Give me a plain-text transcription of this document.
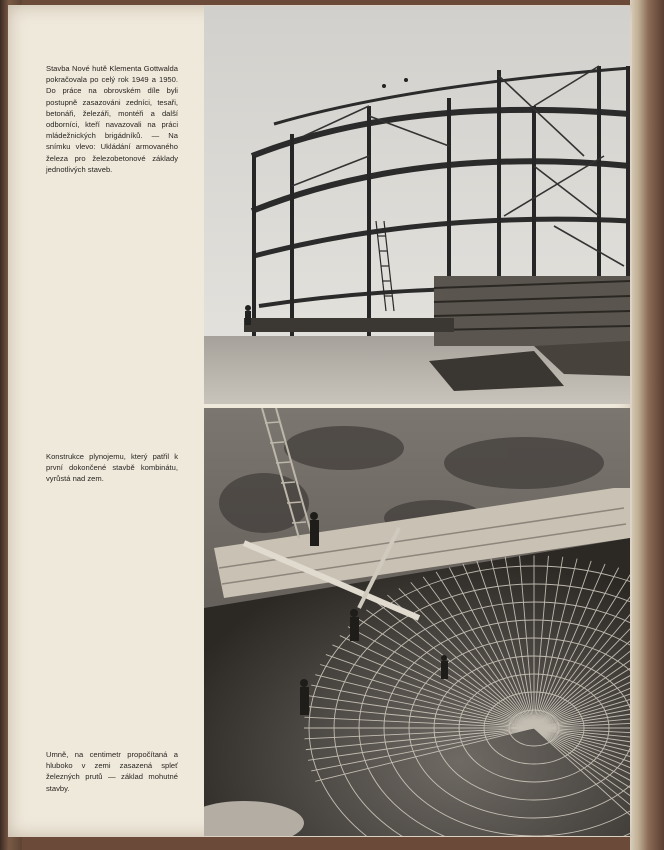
Stavba Nové hutě Klementa Gottwalda pokračovala po celý rok 1949 a 1950. Do práce na obrovském díle byli postupně zasazováni zedníci, tesaři, betonáři, železáři, montéři a další odborníci, kteří navazovali na práci mládežnických brigádníků. — Na snímku vlevo: Ukládání armovaného železa pro železobetonové základy jednotlivých staveb.
Konstrukce plynojemu, který patřil k první dokončené stavbě kombinátu, vyrůstá nad zem.
Umně, na centimetr propočítaná a hluboko v zemi zasazená spleť železných prutů — základ mohutné stavby.
